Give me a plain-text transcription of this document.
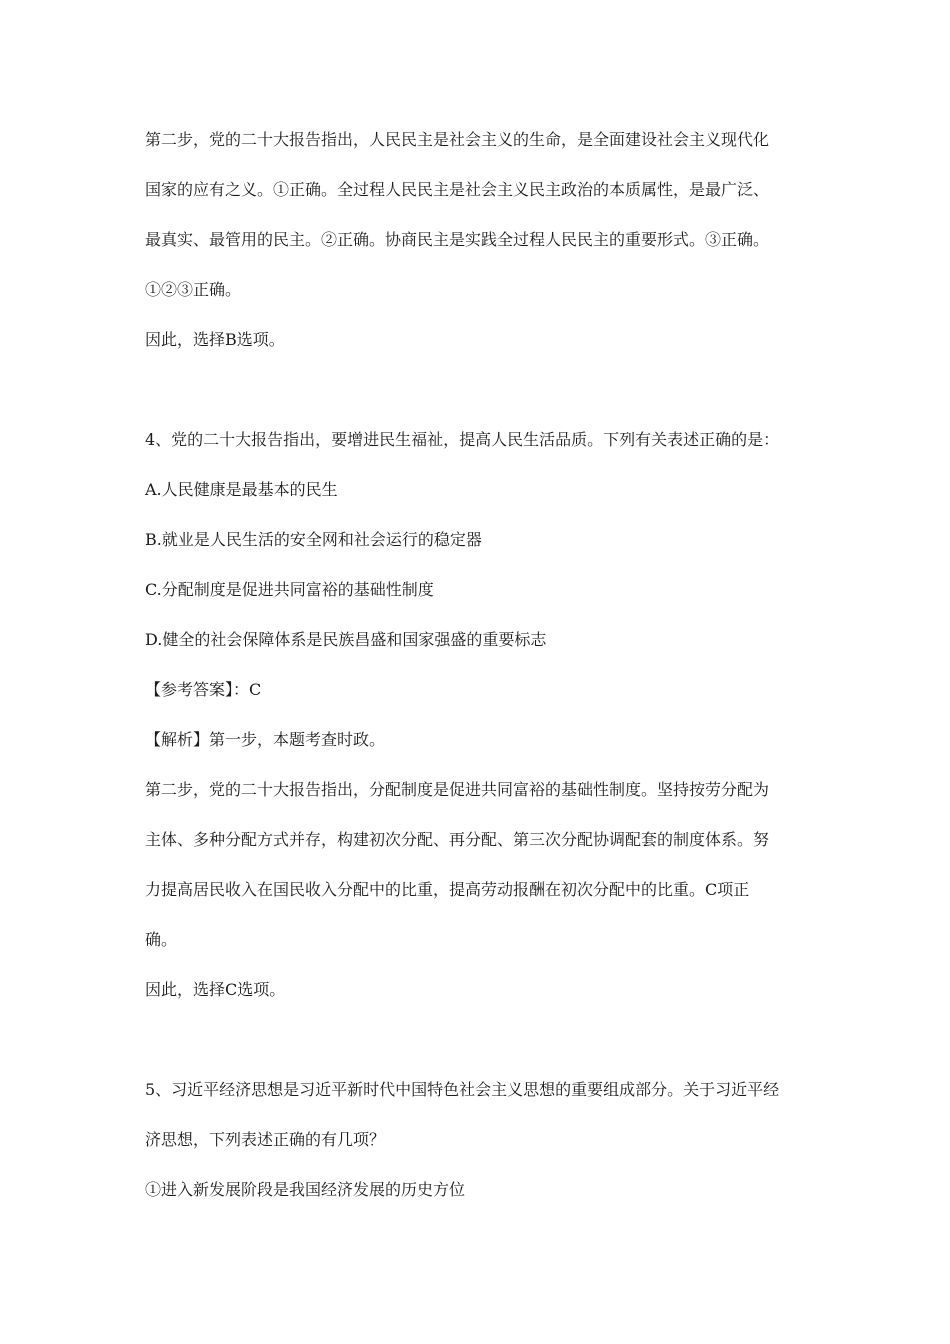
第二步，党的二十大报告指出，人民民主是社会主义的生命，是全面建设社会主义现代化
国家的应有之义。①正确。全过程人民民主是社会主义民主政治的本质属性，是最广泛、
最真实、最管用的民主。②正确。协商民主是实践全过程人民民主的重要形式。③正确。
①②③正确。
因此，选择B选项。
4、党的二十大报告指出，要增进民生福祉，提高人民生活品质。下列有关表述正确的是：
A.人民健康是最基本的民生
B.就业是人民生活的安全网和社会运行的稳定器
C.分配制度是促进共同富裕的基础性制度
D.健全的社会保障体系是民族昌盛和国家强盛的重要标志
【参考答案】：C
【解析】第一步，本题考查时政。
第二步，党的二十大报告指出，分配制度是促进共同富裕的基础性制度。坚持按劳分配为
主体、多种分配方式并存，构建初次分配、再分配、第三次分配协调配套的制度体系。努
力提高居民收入在国民收入分配中的比重，提高劳动报酬在初次分配中的比重。C项正
确。
因此，选择C选项。
5、习近平经济思想是习近平新时代中国特色社会主义思想的重要组成部分。关于习近平经
济思想，下列表述正确的有几项？
①进入新发展阶段是我国经济发展的历史方位
